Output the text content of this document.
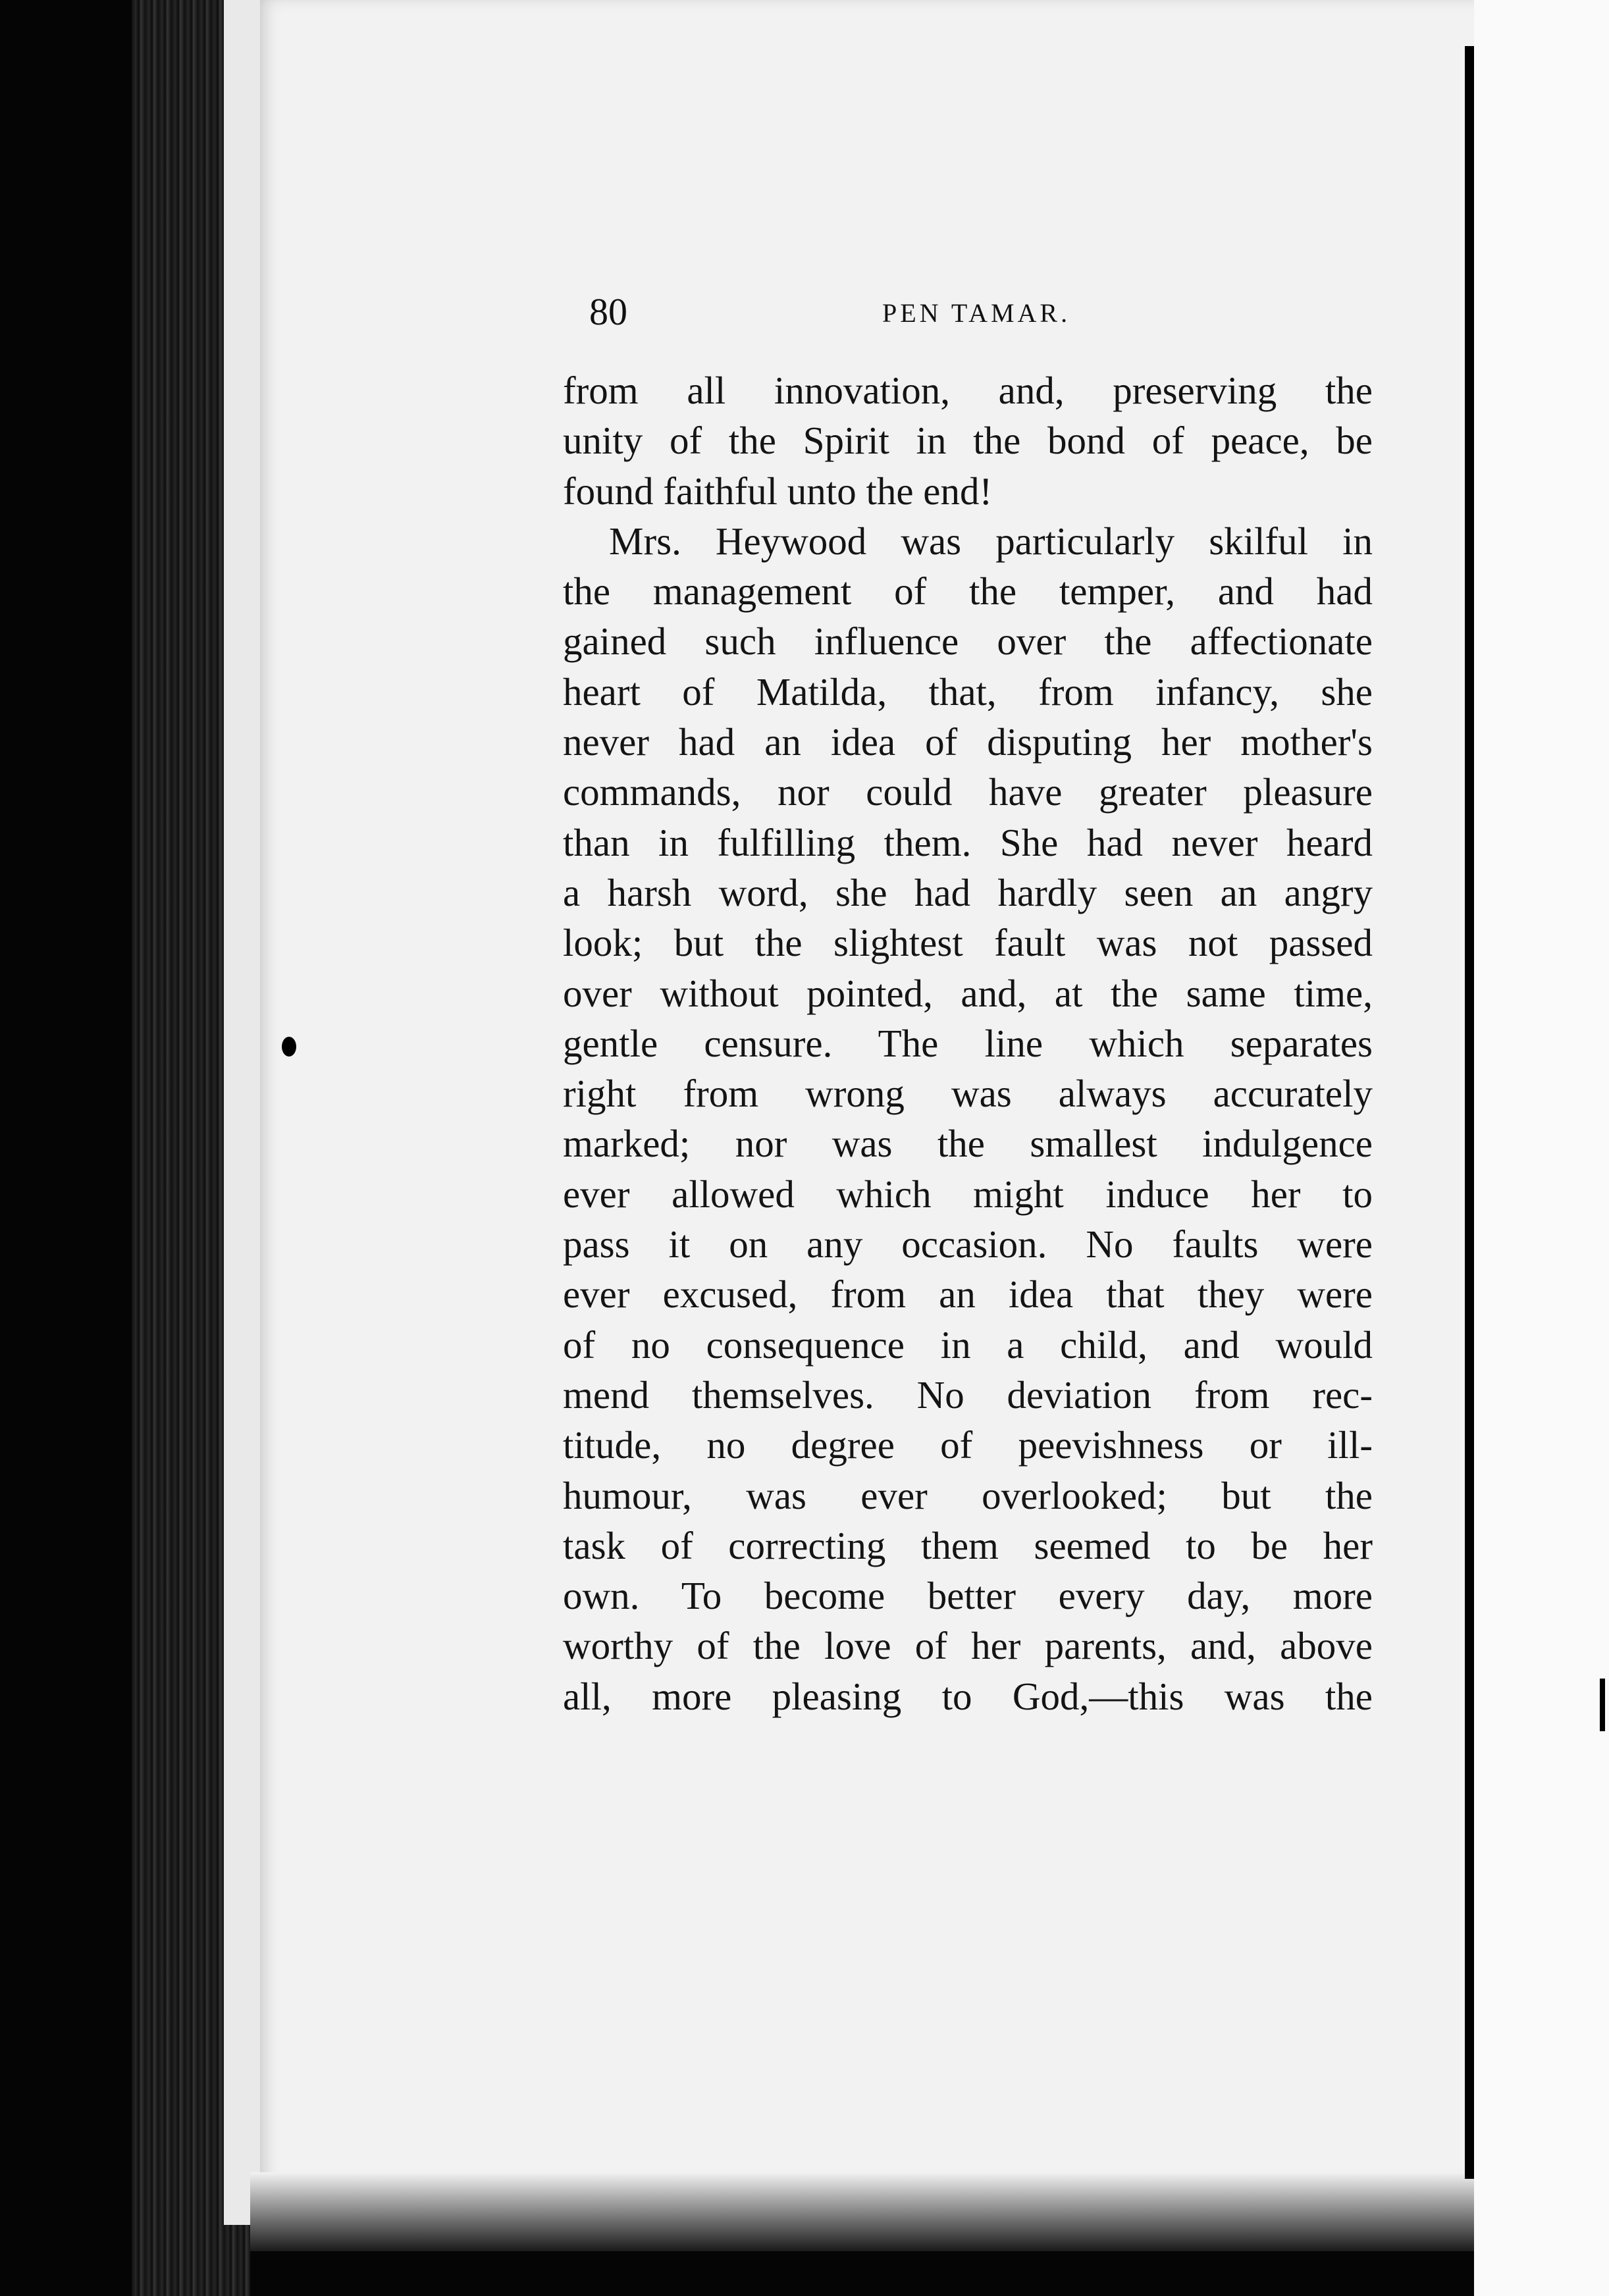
80	PEN TAMAR.
from all innovation, and, preserving the
unity of the Spirit in the bond of peace, be
found faithful unto the end!
Mrs. Heywood was particularly skilful in
the management of the temper, and had
gained such influence over the affectionate
heart of Matilda, that, from infancy, she
never had an idea of disputing her mother's
commands, nor could have greater pleasure
than in fulfilling them. She had never heard
a harsh word, she had hardly seen an angry
look; but the slightest fault was not passed
over without pointed, and, at the same time,
gentle censure. The line which separates
right from wrong was always accurately
marked; nor was the smallest indulgence
ever allowed which might induce her to
pass it on any occasion. No faults were
ever excused, from an idea that they were
of no consequence in a child, and would
mend themselves. No deviation from rec-
titude, no degree of peevishness or ill-
humour, was ever overlooked; but the
task of correcting them seemed to be her
own. To become better every day, more
worthy of the love of her parents, and, above
all, more pleasing to God,—this was the
